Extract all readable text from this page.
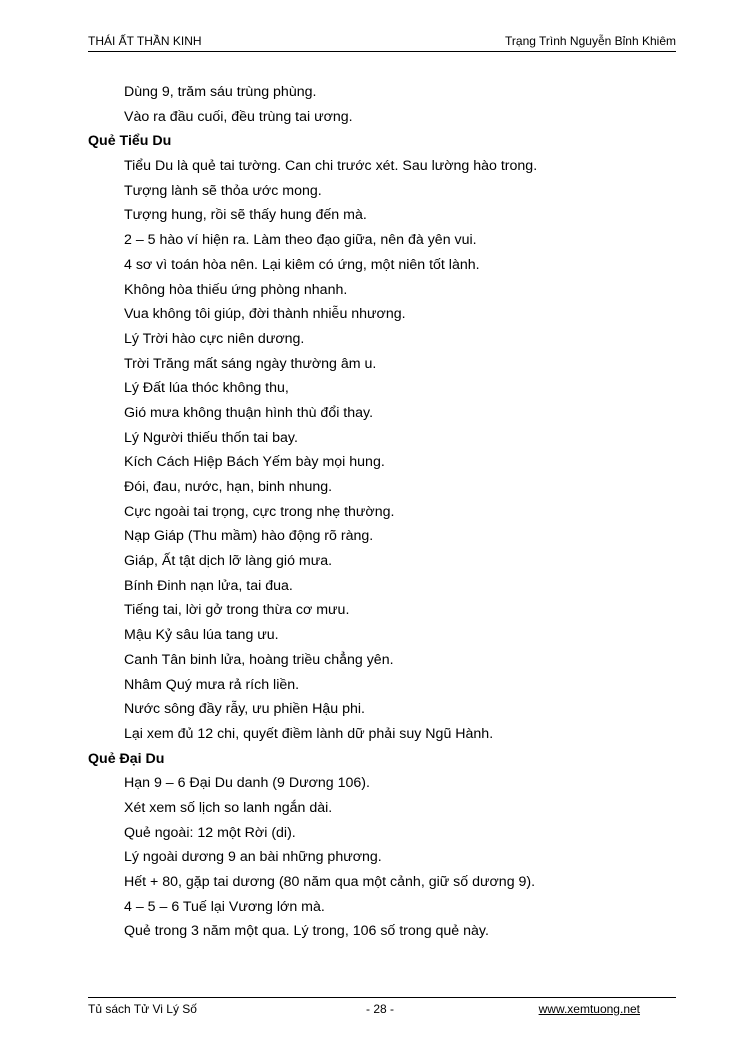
THÁI ẤT THẦN KINH	Trạng Trình Nguyễn Bỉnh Khiêm
Dùng 9, trăm sáu trùng phùng.
Vào ra đầu cuối, đều trùng tai ương.
Quẻ Tiểu Du
Tiểu Du là quẻ tai tường. Can chi trước xét. Sau lường hào trong.
Tượng lành sẽ thỏa ước mong.
Tượng hung, rồi sẽ thấy hung đến mà.
2 – 5 hào ví hiện ra. Làm theo đạo giữa, nên đà yên vui.
4 sơ vì toán hòa nên. Lại kiêm có ứng, một niên tốt lành.
Không hòa thiếu ứng phòng nhanh.
Vua không tôi giúp, đời thành nhiễu nhương.
Lý Trời hào cực niên dương.
Trời Trăng mất sáng ngày thường âm u.
Lý Đất lúa thóc không thu,
Gió mưa không thuận hình thù đổi thay.
Lý Người thiếu thốn tai bay.
Kích Cách Hiệp Bách Yếm bày mọi hung.
Đói, đau, nước, hạn, binh nhung.
Cực ngoài tai trọng, cực trong nhẹ thường.
Nạp Giáp (Thu mầm) hào động rõ ràng.
Giáp, Ất tật dịch lỡ làng gió mưa.
Bính Đinh nạn lửa, tai đua.
Tiếng tai, lời gở trong thừa cơ mưu.
Mậu Kỷ sâu lúa tang ưu.
Canh Tân binh lửa, hoàng triều chẳng yên.
Nhâm Quý mưa rả rích liền.
Nước sông đầy rẫy, ưu phiền Hậu phi.
Lại xem đủ 12 chi, quyết điềm lành dữ phải suy Ngũ Hành.
Quẻ Đại Du
Hạn 9 – 6 Đại Du danh (9 Dương 106).
Xét xem số lịch so lanh ngắn dài.
Quẻ ngoài: 12 một Rời (di).
Lý ngoài dương 9 an bài những phương.
Hết + 80, gặp tai dương (80 năm qua một cảnh, giữ số dương 9).
4 – 5 – 6 Tuế lại Vương lớn mà.
Quẻ trong 3 năm một qua. Lý trong, 106 số trong quẻ này.
Tủ sách Tử Vi Lý Số	- 28 -	www.xemtuong.net
